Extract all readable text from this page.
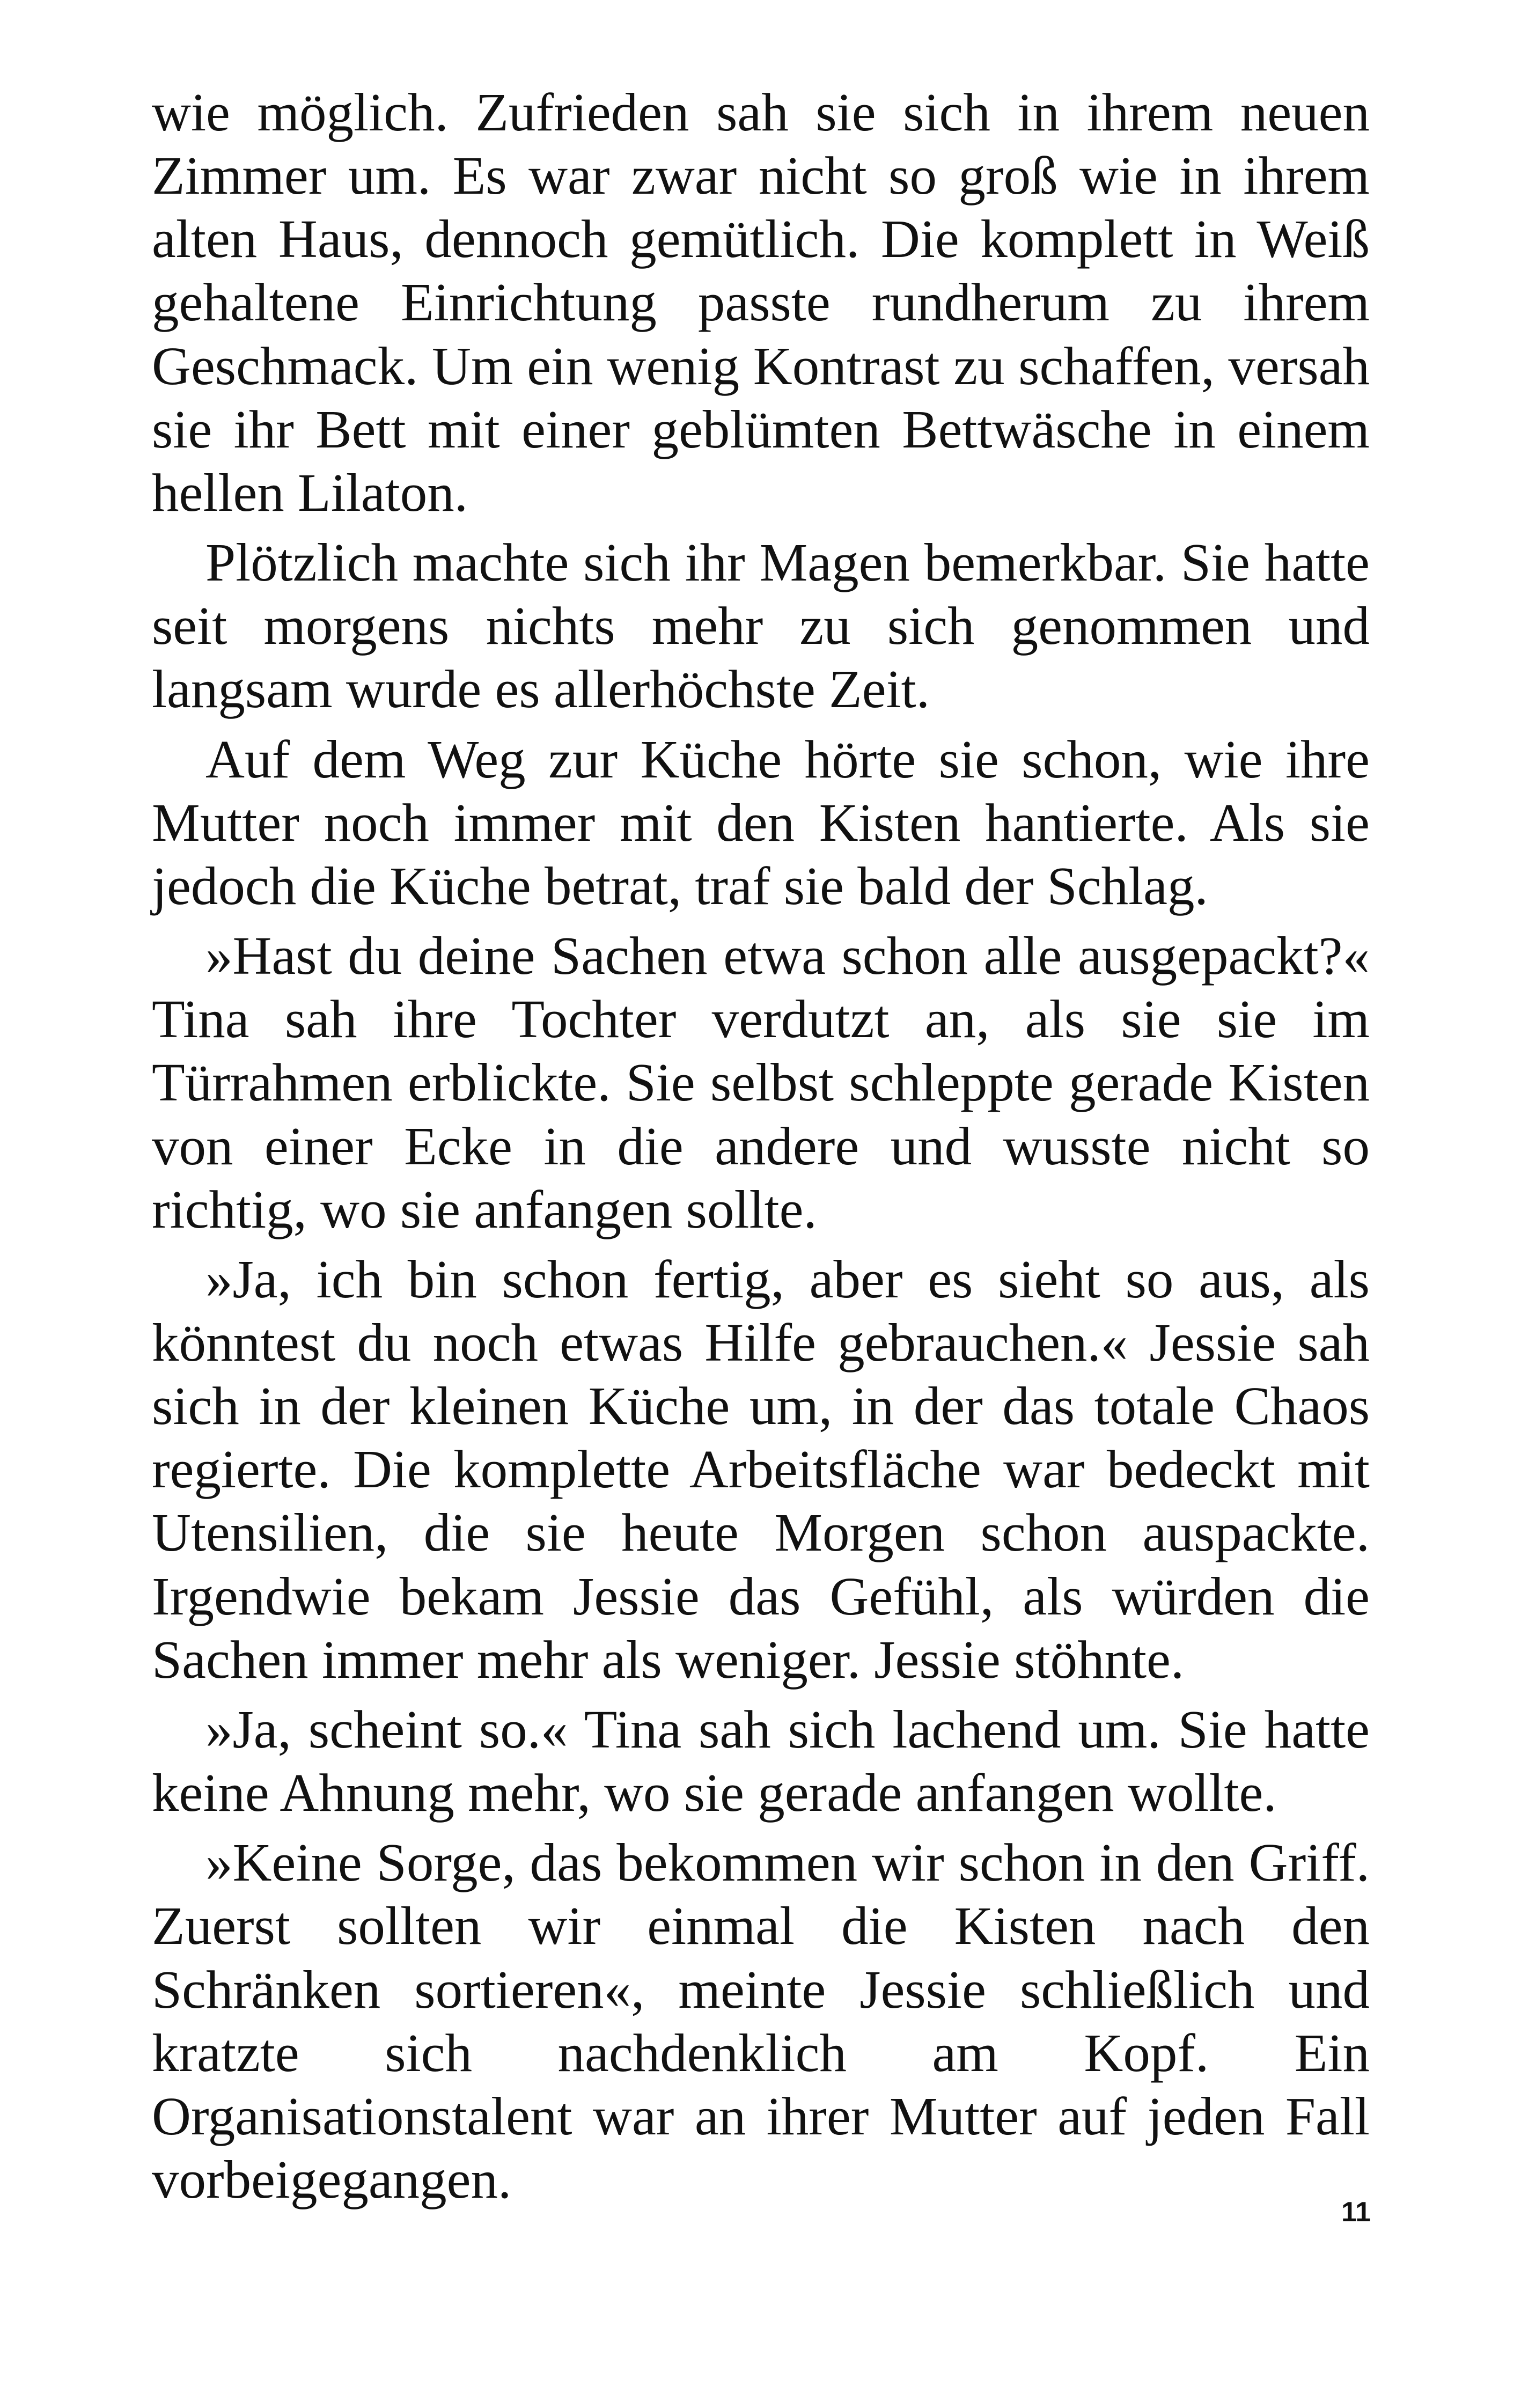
wie möglich. Zufrieden sah sie sich in ihrem neuen Zimmer um. Es war zwar nicht so groß wie in ihrem alten Haus, dennoch gemütlich. Die komplett in Weiß gehaltene Einrichtung passte rundherum zu ihrem Geschmack. Um ein wenig Kontrast zu schaffen, versah sie ihr Bett mit einer geblümten Bettwäsche in einem hellen Lilaton.

Plötzlich machte sich ihr Magen bemerkbar. Sie hatte seit morgens nichts mehr zu sich genommen und langsam wurde es allerhöchste Zeit.

Auf dem Weg zur Küche hörte sie schon, wie ihre Mutter noch immer mit den Kisten hantierte. Als sie jedoch die Küche betrat, traf sie bald der Schlag.

»Hast du deine Sachen etwa schon alle ausgepackt?« Tina sah ihre Tochter verdutzt an, als sie sie im Türrahmen erblickte. Sie selbst schleppte gerade Kisten von einer Ecke in die andere und wusste nicht so richtig, wo sie anfangen sollte.

»Ja, ich bin schon fertig, aber es sieht so aus, als könntest du noch etwas Hilfe gebrauchen.« Jessie sah sich in der kleinen Küche um, in der das totale Chaos regierte. Die komplette Arbeitsfläche war bedeckt mit Utensilien, die sie heute Morgen schon auspackte. Irgendwie bekam Jessie das Gefühl, als würden die Sachen immer mehr als weniger. Jessie stöhnte.

»Ja, scheint so.« Tina sah sich lachend um. Sie hatte keine Ahnung mehr, wo sie gerade anfangen wollte.

»Keine Sorge, das bekommen wir schon in den Griff. Zuerst sollten wir einmal die Kisten nach den Schränken sortieren«, meinte Jessie schließlich und kratzte sich nachdenklich am Kopf. Ein Organisationstalent war an ihrer Mutter auf jeden Fall vorbeigegangen.

11
